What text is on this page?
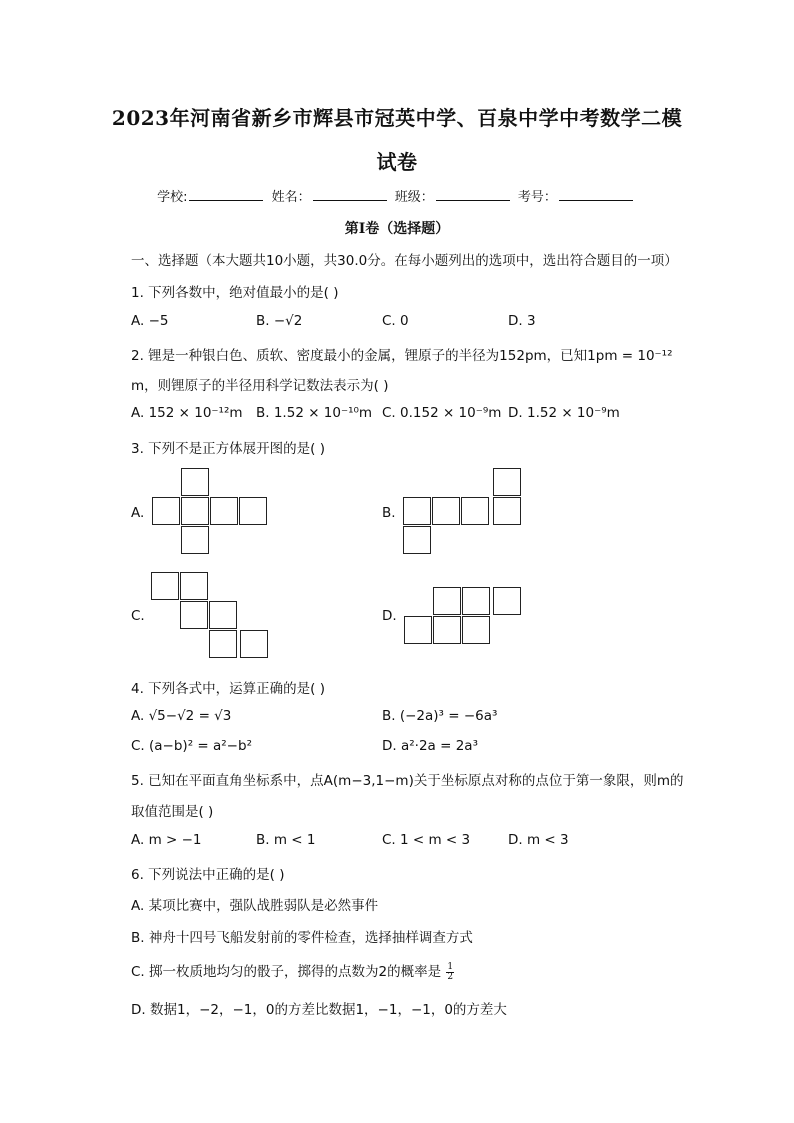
2023年河南省新乡市辉县市冠英中学、百泉中学中考数学二模
试卷
学校:	姓名：	班级：	考号：
第Ⅰ卷（选择题）
一、选择题（本大题共10小题，共30.0分。在每小题列出的选项中，选出符合题目的一项）
1. 下列各数中，绝对值最小的是( )
A. −5	B. −√2	C. 0	D. 3
2. 锂是一种银白色、质软、密度最小的金属，锂原子的半径为152pm，已知1pm = 10⁻¹²
m，则锂原子的半径用科学记数法表示为( )
A. 152 × 10⁻¹²m B. 1.52 × 10⁻¹⁰m C. 0.152 × 10⁻⁹m D. 1.52 × 10⁻⁹m
3. 下列不是正方体展开图的是( )
A.	B.
C.	D.
4. 下列各式中，运算正确的是( )
A. √5−√2 = √3	B. (−2a)³ = −6a³
C. (a−b)² = a²−b²	D. a²·2a = 2a³
5. 已知在平面直角坐标系中，点A(m−3,1−m)关于坐标原点对称的点位于第一象限，则m的
取值范围是( )
A. m > −1	B. m < 1	C. 1 < m < 3	D. m < 3
6. 下列说法中正确的是( )
A. 某项比赛中，强队战胜弱队是必然事件
B. 神舟十四号飞船发射前的零件检查，选择抽样调查方式
C. 掷一枚质地均匀的骰子，掷得的点数为2的概率是 $\frac{1}{2}$
D. 数据1，−2，−1，0的方差比数据1，−1，−1，0的方差大
